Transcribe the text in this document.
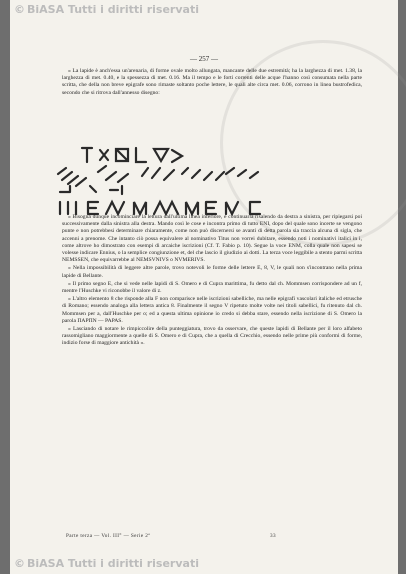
© BiASA Tutti i diritti riservati
— 257 —

« La lapide è anch'essa un'arenaria, di forme ovale molto allungata, mancante delle due estremità; ha la larghezza di met. 1.38, la larghezza di met. 0.40, e la spessezza di met. 0.16. Ma il tempo e le forti correnti delle acque l'hanno così consumata nella parte scritta, che della non breve epigrafe sono rimaste soltanto poche lettere, le quali alte circa met. 0.06, corrono in linea bustrofedica, secondo che si ritrova dall'annesso disegno:

« Bisogna dunque incominciare la lettura dall'ultima linea inferiore, e continuarla risalendo da destra a sinistra, per ripiegarsi poi successivamente dalla sinistra alla destra. Mando così le cose e incontra primo di tutto ENI, dopo del quale sono incerte se vengono punte e non potrebbesi determinare chiaramente, come non può discernersi se avanti di detta parola sia traccia alcuna di sigla, che accenni a prenome. Che intanto ciò possa equivalere al nominativo Titus non vorrei dubitare, essendo noti i nominativi italici in i, come altrove ho dimostrato con esempi di arcaiche iscrizioni (Cf. T. Fabio p. 10). Segue la voce ENM, colla quale non sapesi se volesse indicare Ennius, o la semplice congiunzione et, del che lascio il giudizio ai dotti. La terza voce leggibile a stento parmi scritta NEMSSEN, che equivarrebbe al NEMSVNIVS o NVMERIVS.

« Nella impossibilità di leggere altre parole, trovo notevoli le forme delle lettere E, 8, V, le quali non s'incontrano nella prima lapide di Bellante.

« Il primo segno E, che si vede nelle lapidi di S. Omero e di Cupra marittima, fu detto dal ch. Mommsen corrispondere ad un f, mentre l'Huschke vi riconobbe il valore di z.

« L'altro elemento 8 che risponde alla F non comparisce nelle iscrizioni sabelliche, ma nelle epigrafi vascolari italiche ed etrusche di Romano; essendo analoga alla lettera antica 8. Finalmente il segno V ripetuto molte volte nei titoli sabellici, fu ritenuto dal ch. Mommsen per a, dall'Huschke per o; ed a questa ultima opinione io credo si debba stare, essendo nella iscrizione di S. Omero la parola ΠΑΡΠΝ — PAPAS.

« Lasciando di notare le rimpiccolire della punteggiatura, trovo da osservare, che queste lapidi di Bellante per il loro alfabeto rassomigliano maggiormente a quelle di S. Omero e di Cupra, che a quella di Crecchio, essendo nelle prime più conformi di forme, indizio forse di maggiore antichità ».

Parte terza — Vol. III° — Serie 2ª	33
© BiASA Tutti i diritti riservati
